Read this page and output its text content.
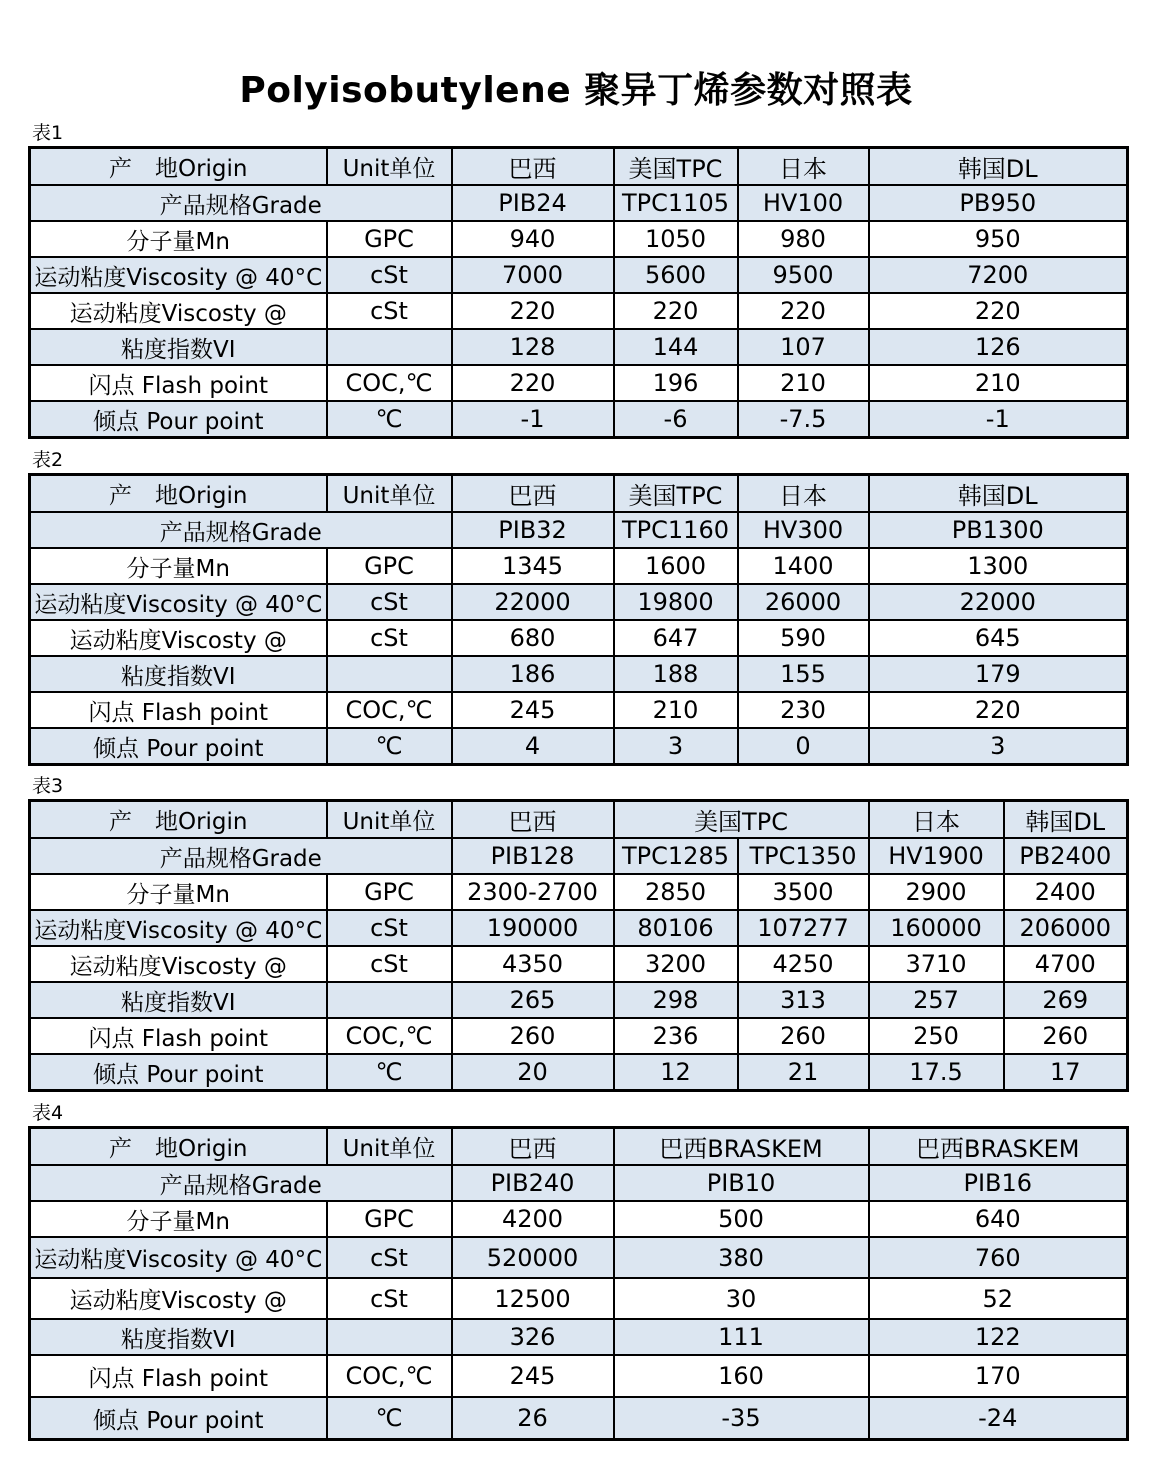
Polyisobutylene 聚异丁烯参数对照表
表1
产　地Origin	Unit单位	巴西	美国TPC	日本	韩国DL
产品规格Grade		PIB24	TPC1105	HV100	PB950
分子量Mn	GPC	940	1050	980	950
运动粘度Viscosity @ 40°C	cSt	7000	5600	9500	7200
运动粘度Viscosty @	cSt	220	220	220	220
粘度指数VI		128	144	107	126
闪点 Flash point	COC,℃	220	196	210	210
倾点 Pour point	℃	-1	-6	-7.5	-1
表2
产　地Origin	Unit单位	巴西	美国TPC	日本	韩国DL
产品规格Grade		PIB32	TPC1160	HV300	PB1300
分子量Mn	GPC	1345	1600	1400	1300
运动粘度Viscosity @ 40°C	cSt	22000	19800	26000	22000
运动粘度Viscosty @	cSt	680	647	590	645
粘度指数VI		186	188	155	179
闪点 Flash point	COC,℃	245	210	230	220
倾点 Pour point	℃	4	3	0	3
表3
产　地Origin	Unit单位	巴西	美国TPC		日本	韩国DL
产品规格Grade		PIB128	TPC1285	TPC1350	HV1900	PB2400
分子量Mn	GPC	2300-2700	2850	3500	2900	2400
运动粘度Viscosity @ 40°C	cSt	190000	80106	107277	160000	206000
运动粘度Viscosty @	cSt	4350	3200	4250	3710	4700
粘度指数VI		265	298	313	257	269
闪点 Flash point	COC,℃	260	236	260	250	260
倾点 Pour point	℃	20	12	21	17.5	17
表4
产　地Origin	Unit单位	巴西	巴西BRASKEM	巴西BRASKEM
产品规格Grade		PIB240	PIB10	PIB16
分子量Mn	GPC	4200	500	640
运动粘度Viscosity @ 40°C	cSt	520000	380	760
运动粘度Viscosty @	cSt	12500	30	52
粘度指数VI		326	111	122
闪点 Flash point	COC,℃	245	160	170
倾点 Pour point	℃	26	-35	-24
